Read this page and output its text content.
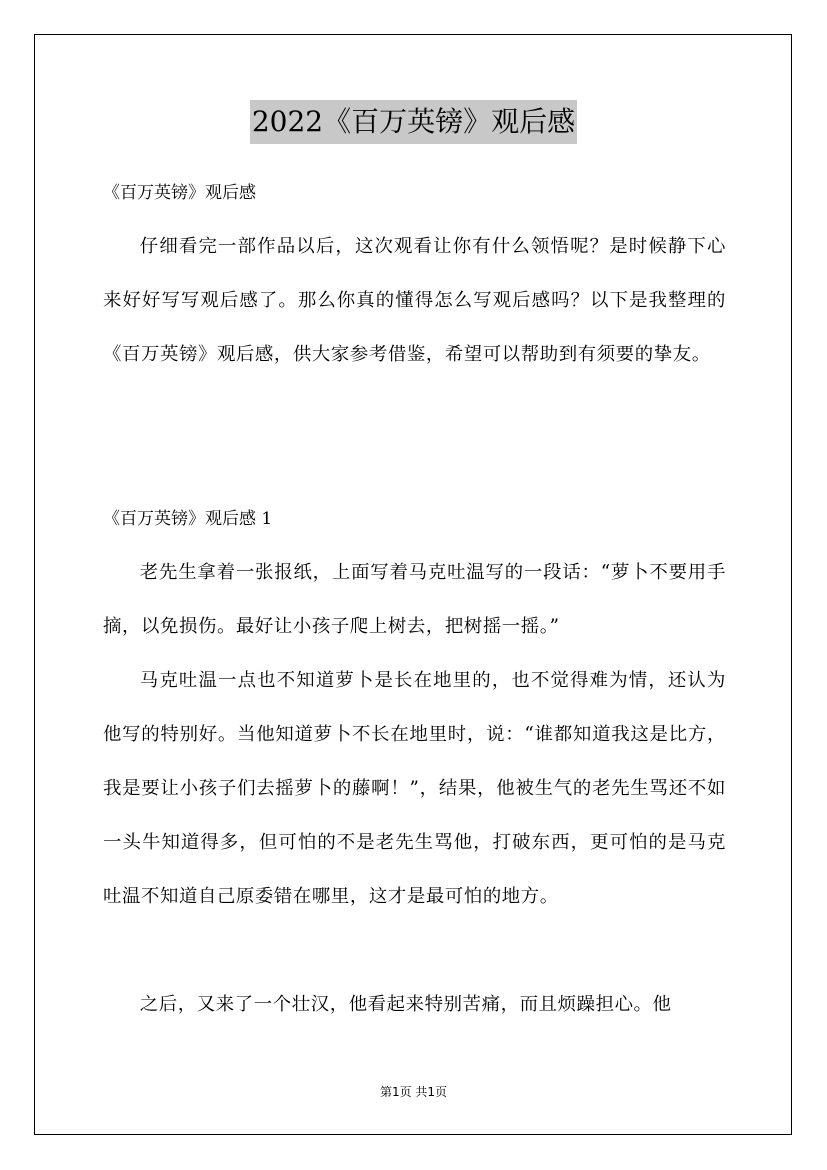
2022《百万英镑》观后感
《百万英镑》观后感

仔细看完一部作品以后，这次观看让你有什么领悟呢？是时候静下心来好好写写观后感了。那么你真的懂得怎么写观后感吗？以下是我整理的《百万英镑》观后感，供大家参考借鉴，希望可以帮助到有须要的挚友。

《百万英镑》观后感 1

老先生拿着一张报纸，上面写着马克吐温写的一段话：“萝卜不要用手摘，以免损伤。最好让小孩子爬上树去，把树摇一摇。”

马克吐温一点也不知道萝卜是长在地里的，也不觉得难为情，还认为他写的特别好。当他知道萝卜不长在地里时，说：“谁都知道我这是比方，我是要让小孩子们去摇萝卜的藤啊！”，结果，他被生气的老先生骂还不如一头牛知道得多，但可怕的不是老先生骂他，打破东西，更可怕的是马克吐温不知道自己原委错在哪里，这才是最可怕的地方。

之后，又来了一个壮汉，他看起来特别苦痛，而且烦躁担心。他

第1页 共1页
